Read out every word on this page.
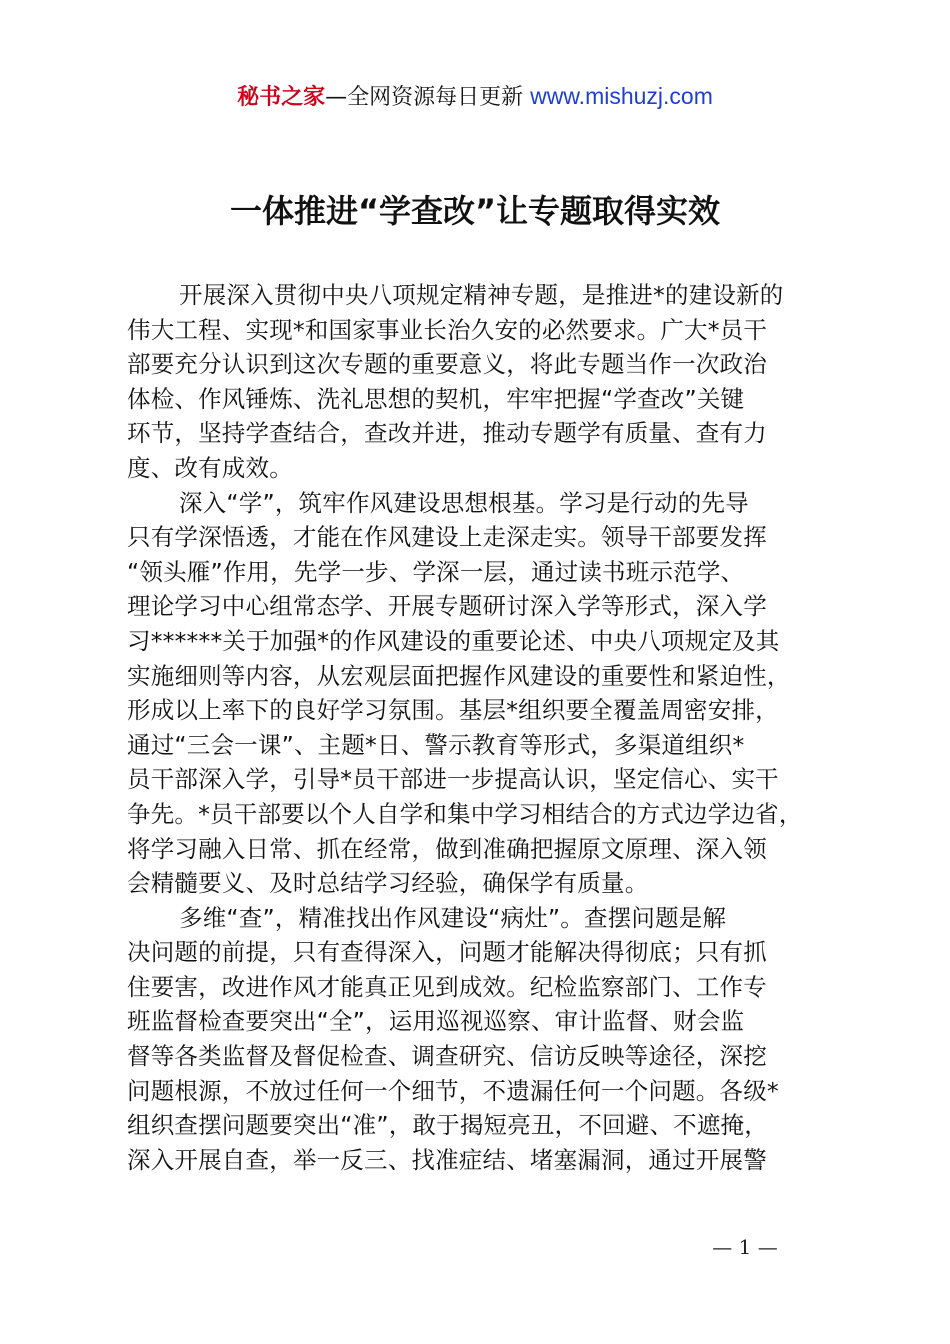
秘书之家—全网资源每日更新 www.mishuzj.com
一体推进“学查改”让专题取得实效
开展深入贯彻中央八项规定精神专题，是推进*的建设新的
伟大工程、实现*和国家事业长治久安的必然要求。广大*员干
部要充分认识到这次专题的重要意义，将此专题当作一次政治
体检、作风锤炼、洗礼思想的契机，牢牢把握“学查改”关键
环节，坚持学查结合，查改并进，推动专题学有质量、查有力
度、改有成效。
深入“学”，筑牢作风建设思想根基。学习是行动的先导
只有学深悟透，才能在作风建设上走深走实。领导干部要发挥
“领头雁”作用，先学一步、学深一层，通过读书班示范学、
理论学习中心组常态学、开展专题研讨深入学等形式，深入学
习******关于加强*的作风建设的重要论述、中央八项规定及其
实施细则等内容，从宏观层面把握作风建设的重要性和紧迫性，
形成以上率下的良好学习氛围。基层*组织要全覆盖周密安排，
通过“三会一课”、主题*日、警示教育等形式，多渠道组织*
员干部深入学，引导*员干部进一步提高认识，坚定信心、实干
争先。*员干部要以个人自学和集中学习相结合的方式边学边省，
将学习融入日常、抓在经常，做到准确把握原文原理、深入领
会精髓要义、及时总结学习经验，确保学有质量。
多维“查”，精准找出作风建设“病灶”。查摆问题是解
决问题的前提，只有查得深入，问题才能解决得彻底；只有抓
住要害，改进作风才能真正见到成效。纪检监察部门、工作专
班监督检查要突出“全”，运用巡视巡察、审计监督、财会监
督等各类监督及督促检查、调查研究、信访反映等途径，深挖
问题根源，不放过任何一个细节，不遗漏任何一个问题。各级*
组织查摆问题要突出“准”，敢于揭短亮丑，不回避、不遮掩，
深入开展自查，举一反三、找准症结、堵塞漏洞，通过开展警
— 1 —
